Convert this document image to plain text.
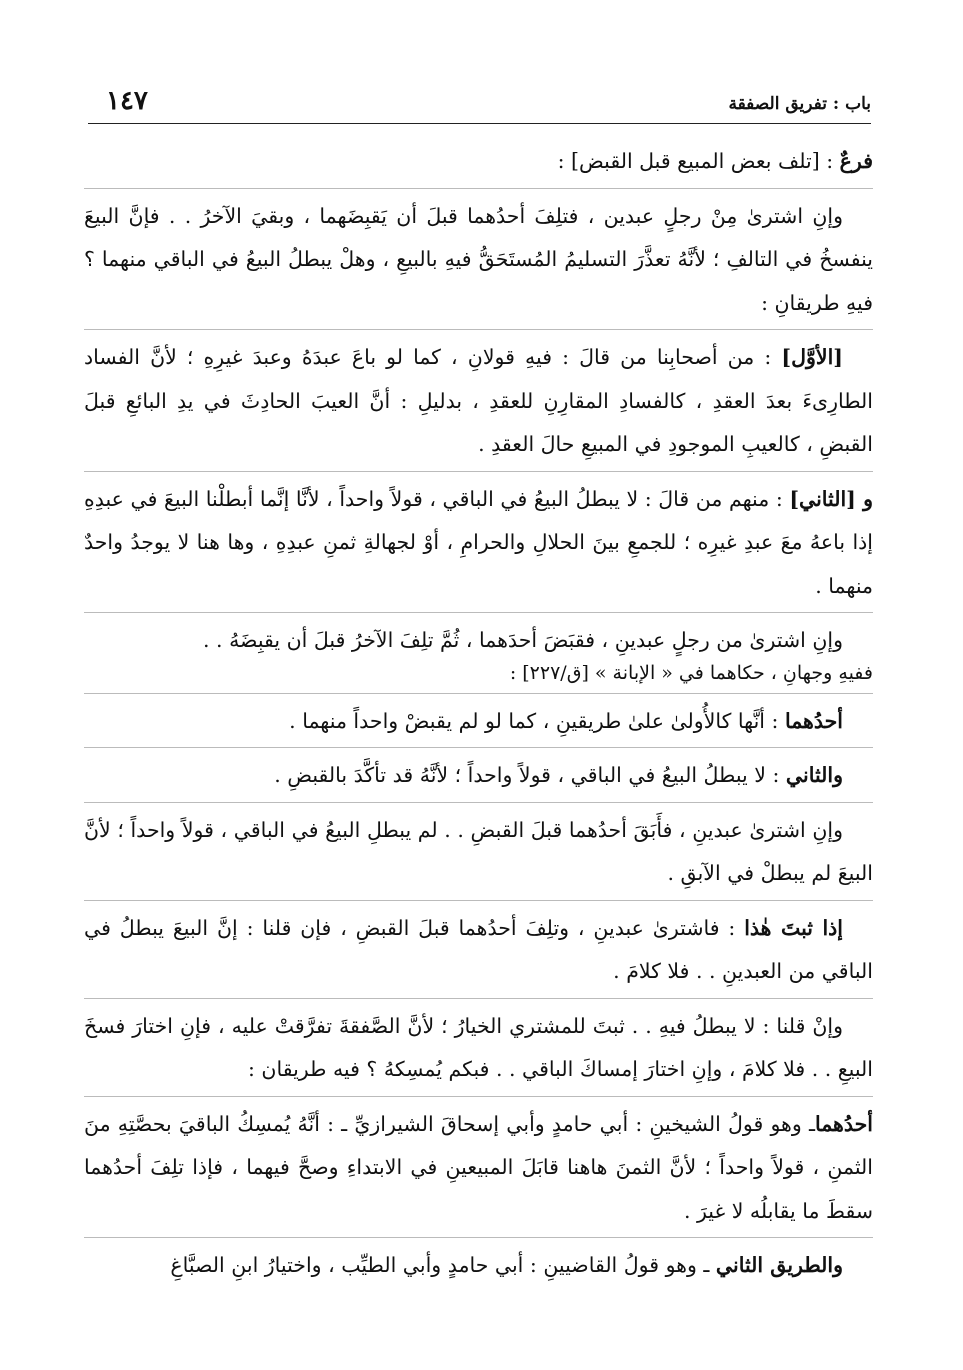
باب : تفريق الصفقة
١٤٧

فرعٌ : [تلف بعض المبيع قبل القبض] :

وإنِ اشترىٰ مِنْ رجلٍ عبدين ، فتلِفَ أحدُهما قبلَ أن يَقبِضَهما ، وبقيَ الآخرُ . . فإنَّ البيعَ ينفسخُ في التالفِ ؛ لأنَّهُ تعذَّرَ التسليمُ المُستَحَقُّ فيهِ بالبيعِ ، وهلْ يبطلُ البيعُ في الباقي منهما ؟ فيهِ طريقانِ :

[الأوَّل] : من أصحابِنا من قالَ : فيهِ قولانِ ، كما لو باعَ عبدَهُ وعبدَ غيرِهِ ؛ لأنَّ الفساد الطارِىءَ بعدَ العقدِ ، كالفسادِ المقارِنِ للعقدِ ، بدليلِ : أنَّ العيبَ الحادِثَ في يدِ البائعِ قبلَ القبضِ ، كالعيبِ الموجودِ في المبيعِ حالَ العقدِ .

و [الثاني] : منهم من قالَ : لا يبطلُ البيعُ في الباقي ، قولاً واحداً ، لأنَّا إنَّما أبطلْنا البيعَ في عبدِهِ إذا باعهُ معَ عبدِ غيرِه ؛ للجمعِ بينَ الحلالِ والحرامِ ، أوْ لجهالةِ ثمنِ عبدِهِ ، وها هنا لا يوجدُ واحدٌ منهما .

وإنِ اشترىٰ من رجلٍ عبدينِ ، فقبَضَ أحدَهما ، ثُمَّ تلِفَ الآخرُ قبلَ أن يقبِضَهُ . .

ففيهِ وجهانِ ، حكاهما في « الإبانة » [ق/٢٢٧] :

أحدُهما : أنَّها كالأُولىٰ علىٰ طريقينِ ، كما لو لم يقبضْ واحداً منهما .

والثاني : لا يبطلُ البيعُ في الباقي ، قولاً واحداً ؛ لأنَّهُ قد تأكَّدَ بالقبضِ .

وإنِ اشترىٰ عبدينِ ، فأَبَقَ أحدُهما قبلَ القبضِ . . لم يبطلِ البيعُ في الباقي ، قولاً واحداً ؛ لأنَّ البيعَ لم يبطلْ في الآبقِ .

إذا ثبتَ هٰذا : فاشترىٰ عبدينِ ، وتلِفَ أحدُهما قبلَ القبضِ ، فإن قلنا : إنَّ البيعَ يبطلُ في الباقي من العبدينِ . . فلا كلامَ .

وإنْ قلنا : لا يبطلُ فيهِ . . ثبتَ للمشتري الخيارُ ؛ لأنَّ الصَّفقةَ تفرَّقتْ عليه ، فإنِ اختارَ فسخَ البيعِ . . فلا كلامَ ، وإنِ اختارَ إمساكَ الباقي . . فبكم يُمسِكهُ ؟ فيه طريقان :

أحدُهماـ وهو قولُ الشيخينِ : أبي حامدٍ وأبي إسحاقَ الشيرازيِّ ـ : أنَّهُ يُمسِكُ الباقيَ بحصَّتِهِ منَ الثمنِ ، قولاً واحداً ؛ لأنَّ الثمنَ هاهنا قابَلَ المبيعينِ في الابتداءِ وصحَّ فيهما ، فإذا تلِفَ أحدُهما سقطَ ما يقابلُه لا غيرَ .

والطريق الثاني ـ وهو قولُ القاضيينِ : أبي حامدٍ وأبي الطيِّب ، واختيارُ ابنِ الصبَّاغِ
